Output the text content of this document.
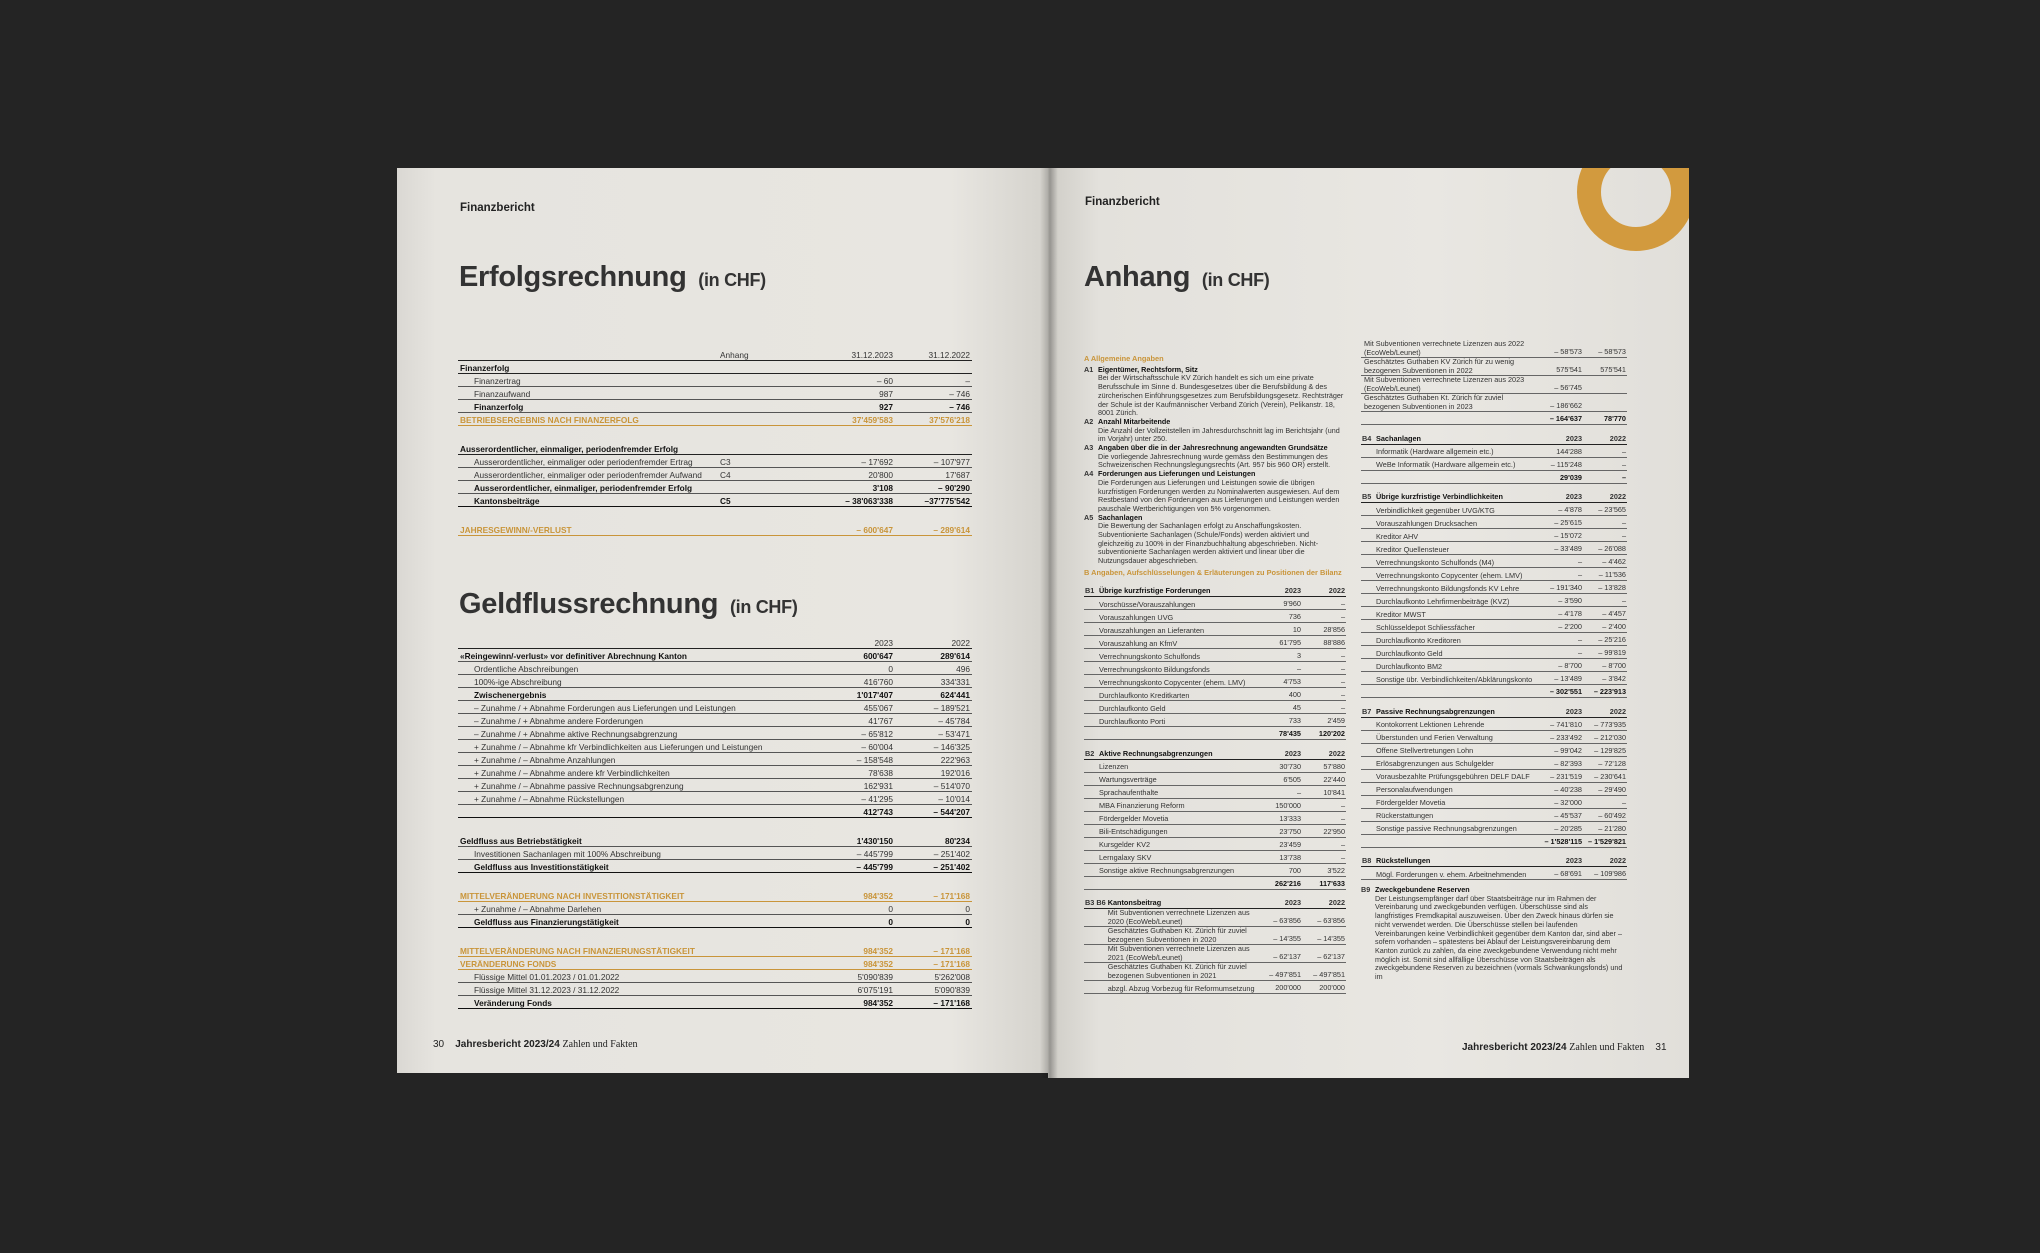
Finanzbericht
Erfolgsrechnung (in CHF)
	Anhang	31.12.2023	31.12.2022
Finanzerfolg			
Finanzertrag		– 60	–
Finanzaufwand		987	– 746
Finanzerfolg		927	– 746
BETRIEBSERGEBNIS NACH FINANZERFOLG		37'459'583	37'576'218

Ausserordentlicher, einmaliger, periodenfremder Erfolg			
Ausserordentlicher, einmaliger oder periodenfremder Ertrag	C3	– 17'692	– 107'977
Ausserordentlicher, einmaliger oder periodenfremder Aufwand	C4	20'800	17'687
Ausserordentlicher, einmaliger, periodenfremder Erfolg		3'108	– 90'290
Kantonsbeiträge	C5	– 38'063'338	–37'775'542

JAHRESGEWINN/-VERLUST		– 600'647	– 289'614
Geldflussrechnung (in CHF)
	2023	2022
«Reingewinn/-verlust» vor definitiver Abrechnung Kanton	600'647	289'614
Ordentliche Abschreibungen	0	496
100%-ige Abschreibung	416'760	334'331
Zwischenergebnis	1'017'407	624'441
– Zunahme / + Abnahme Forderungen aus Lieferungen und Leistungen	455'067	– 189'521
– Zunahme / + Abnahme andere Forderungen	41'767	– 45'784
– Zunahme / + Abnahme aktive Rechnungsabgrenzung	– 65'812	– 53'471
+ Zunahme / – Abnahme kfr Verbindlichkeiten aus Lieferungen und Leistungen	– 60'004	– 146'325
+ Zunahme / – Abnahme Anzahlungen	– 158'548	222'963
+ Zunahme / – Abnahme andere kfr Verbindlichkeiten	78'638	192'016
+ Zunahme / – Abnahme passive Rechnungsabgrenzung	162'931	– 514'070
+ Zunahme / – Abnahme Rückstellungen	– 41'295	– 10'014
	412'743	– 544'207

Geldfluss aus Betriebstätigkeit	1'430'150	80'234
Investitionen Sachanlagen mit 100% Abschreibung	– 445'799	– 251'402
Geldfluss aus Investitionstätigkeit	– 445'799	– 251'402

MITTELVERÄNDERUNG NACH INVESTITIONSTÄTIGKEIT	984'352	– 171'168
+ Zunahme / – Abnahme Darlehen	0	0
Geldfluss aus Finanzierungstätigkeit	0	0

MITTELVERÄNDERUNG NACH FINANZIERUNGSTÄTIGKEIT	984'352	– 171'168
VERÄNDERUNG FONDS	984'352	– 171'168
Flüssige Mittel 01.01.2023 / 01.01.2022	5'090'839	5'262'008
Flüssige Mittel 31.12.2023 / 31.12.2022	6'075'191	5'090'839
Veränderung Fonds	984'352	– 171'168
30 Jahresbericht 2023/24 Zahlen und Fakten
Finanzbericht
Anhang (in CHF)
A Allgemeine Angaben
A1 Eigentümer, Rechtsform, Sitz
Bei der Wirtschaftsschule KV Zürich handelt es sich um eine private Berufsschule im Sinne d. Bundesgesetzes über die Berufsbildung & des zürcherischen Einführungsgesetzes zum Berufsbildungsgesetz. Rechtsträger der Schule ist der Kaufmännischer Verband Zürich (Verein), Pelikanstr. 18, 8001 Zürich.
A2 Anzahl Mitarbeitende
Die Anzahl der Vollzeitstellen im Jahresdurchschnitt lag im Berichtsjahr (und im Vorjahr) unter 250.
A3 Angaben über die in der Jahresrechnung angewandten Grundsätze
Die vorliegende Jahresrechnung wurde gemäss den Bestimmungen des Schweizerischen Rechnungslegungsrechts (Art. 957 bis 960 OR) erstellt.
A4 Forderungen aus Lieferungen und Leistungen
Die Forderungen aus Lieferungen und Leistungen sowie die übrigen kurzfristigen Forderungen werden zu Nominalwerten ausgewiesen. Auf dem Restbestand von den Forderungen aus Lieferungen und Leistungen werden pauschale Wertberichtigungen von 5% vorgenommen.
A5 Sachanlagen
Die Bewertung der Sachanlagen erfolgt zu Anschaffungskosten. Subventionierte Sachanlagen (Schule/Fonds) werden aktiviert und gleichzeitig zu 100% in der Finanzbuchhaltung abgeschrieben. Nicht-subventionierte Sachanlagen werden aktiviert und linear über die Nutzungsdauer abgeschrieben.
B Angaben, Aufschlüsselungen & Erläuterungen zu Positionen der Bilanz
B1	Übrige kurzfristige Forderungen	2023	2022
	Vorschüsse/Vorauszahlungen	9'960	–
	Vorauszahlungen UVG	736	–
	Vorauszahlungen an Lieferanten	10	28'856
	Vorauszahlung an KfmV	61'795	88'886
	Verrechnungskonto Schulfonds	3	–
	Verrechnungskonto Bildungsfonds	–	–
	Verrechnungskonto Copycenter (ehem. LMV)	4'753	–
	Durchlaufkonto Kreditkarten	400	–
	Durchlaufkonto Geld	45	–
	Durchlaufkonto Porti	733	2'459
		78'435	120'202
B2	Aktive Rechnungsabgrenzungen	2023	2022
	Lizenzen	30'730	57'880
	Wartungsverträge	6'505	22'440
	Sprachaufenthalte	–	10'841
	MBA Finanzierung Reform	150'000	–
	Fördergelder Movetia	13'333	–
	Bili-Entschädigungen	23'750	22'950
	Kursgelder KV2	23'459	–
	Lerngalaxy SKV	13'738	–
	Sonstige aktive Rechnungsabgrenzungen	700	3'522
		262'216	117'633
B3 B6	Kantonsbeitrag	2023	2022
	Mit Subventionen verrechnete Lizenzen aus 2020 (EcoWeb/Leunet)	– 63'856	– 63'856
	Geschätztes Guthaben Kt. Zürich für zuviel bezogenen Subventionen in 2020	– 14'355	– 14'355
	Mit Subventionen verrechnete Lizenzen aus 2021 (EcoWeb/Leunet)	– 62'137	– 62'137
	Geschätztes Guthaben Kt. Zürich für zuviel bezogenen Subventionen in 2021	– 497'851	– 497'851
	abzgl. Abzug Vorbezug für Reformumsetzung	200'000	200'000
	Mit Subventionen verrechnete Lizenzen aus 2022 (EcoWeb/Leunet)	– 58'573	– 58'573
	Geschätztes Guthaben KV Zürich für zu wenig bezogenen Subventionen in 2022	575'541	575'541
	Mit Subventionen verrechnete Lizenzen aus 2023 (EcoWeb/Leunet)	– 56'745	
	Geschätztes Guthaben Kt. Zürich für zuviel bezogenen Subventionen in 2023	– 186'662	
		– 164'637	78'770
B4	Sachanlagen	2023	2022
	Informatik (Hardware allgemein etc.)	144'288	–
	WeBe Informatik (Hardware allgemein etc.)	– 115'248	–
		29'039	–
B5	Übrige kurzfristige Verbindlichkeiten	2023	2022
	Verbindlichkeit gegenüber UVG/KTG	– 4'878	– 23'565
	Vorauszahlungen Drucksachen	– 25'615	–
	Kreditor AHV	– 15'072	–
	Kreditor Quellensteuer	– 33'489	– 26'088
	Verrechnungskonto Schulfonds (M4)	–	– 4'462
	Verrechnungskonto Copycenter (ehem. LMV)	–	– 11'536
	Verrechnungskonto Bildungsfonds KV Lehre	– 191'340	– 13'828
	Durchlaufkonto Lehrfirmenbeiträge (KVZ)	– 3'590	–
	Kreditor MWST	– 4'178	– 4'457
	Schlüsseldepot Schliessfächer	– 2'200	– 2'400
	Durchlaufkonto Kreditoren	–	– 25'216
	Durchlaufkonto Geld	–	– 99'819
	Durchlaufkonto BM2	– 8'700	– 8'700
	Sonstige übr. Verbindlichkeiten/Abklärungskonto	– 13'489	– 3'842
		– 302'551	– 223'913
B7	Passive Rechnungsabgrenzungen	2023	2022
	Kontokorrent Lektionen Lehrende	– 741'810	– 773'935
	Überstunden und Ferien Verwaltung	– 233'492	– 212'030
	Offene Stellvertretungen Lohn	– 99'042	– 129'825
	Erlösabgrenzungen aus Schulgelder	– 82'393	– 72'128
	Vorausbezahlte Prüfungsgebühren DELF DALF	– 231'519	– 230'641
	Personalaufwendungen	– 40'238	– 29'490
	Fördergelder Movetia	– 32'000	–
	Rückerstattungen	– 45'537	– 60'492
	Sonstige passive Rechnungsabgrenzungen	– 20'285	– 21'280
		– 1'528'115	– 1'529'821
B8	Rückstellungen	2023	2022
	Mögl. Forderungen v. ehem. Arbeitnehmenden	– 68'691	– 109'986
B9 Zweckgebundene Reserven
Der Leistungsempfänger darf über Staatsbeiträge nur im Rahmen der Vereinbarung und zweckgebunden verfügen. Überschüsse sind als langfristiges Fremdkapital auszuweisen. Über den Zweck hinaus dürfen sie nicht verwendet werden. Die Überschüsse stellen bei laufenden Vereinbarungen keine Verbindlichkeit gegenüber dem Kanton dar, sind aber – sofern vorhanden – spätestens bei Ablauf der Leistungsvereinbarung dem Kanton zurück zu zahlen, da eine zweckgebundene Verwendung nicht mehr möglich ist. Somit sind allfällige Überschüsse von Staatsbeiträgen als zweckgebundene Reserven zu bezeichnen (vormals Schwankungsfonds) und im
Jahresbericht 2023/24 Zahlen und Fakten 31
